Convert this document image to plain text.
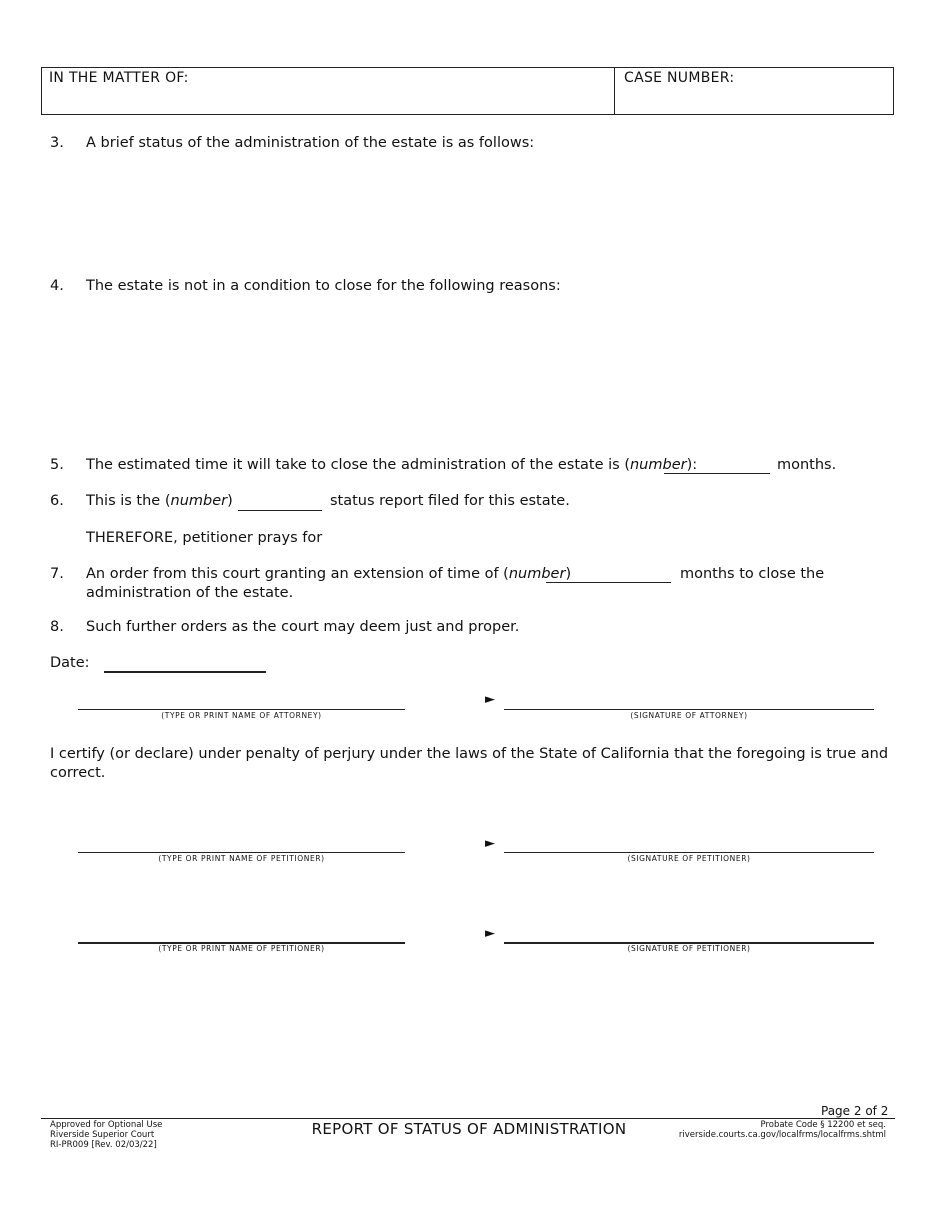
IN THE MATTER OF:	CASE NUMBER:
3. A brief status of the administration of the estate is as follows:
4. The estate is not in a condition to close for the following reasons:
5. The estimated time it will take to close the administration of the estate is (number):	months.
6. This is the (number)	status report filed for this estate.
THEREFORE, petitioner prays for
7. An order from this court granting an extension of time of (number)	months to close the
administration of the estate.
8. Such further orders as the court may deem just and proper.
Date:
(TYPE OR PRINT NAME OF ATTORNEY)
►
(SIGNATURE OF ATTORNEY)
I certify (or declare) under penalty of perjury under the laws of the State of California that the foregoing is true and
correct.
(TYPE OR PRINT NAME OF PETITIONER)
►
(SIGNATURE OF PETITIONER)
(TYPE OR PRINT NAME OF PETITIONER)
►
(SIGNATURE OF PETITIONER)
Page 2 of 2
Approved for Optional Use
Riverside Superior Court
RI-PR009 [Rev. 02/03/22]
REPORT OF STATUS OF ADMINISTRATION	Probate Code § 12200 et seq.
riverside.courts.ca.gov/localfrms/localfrms.shtml
